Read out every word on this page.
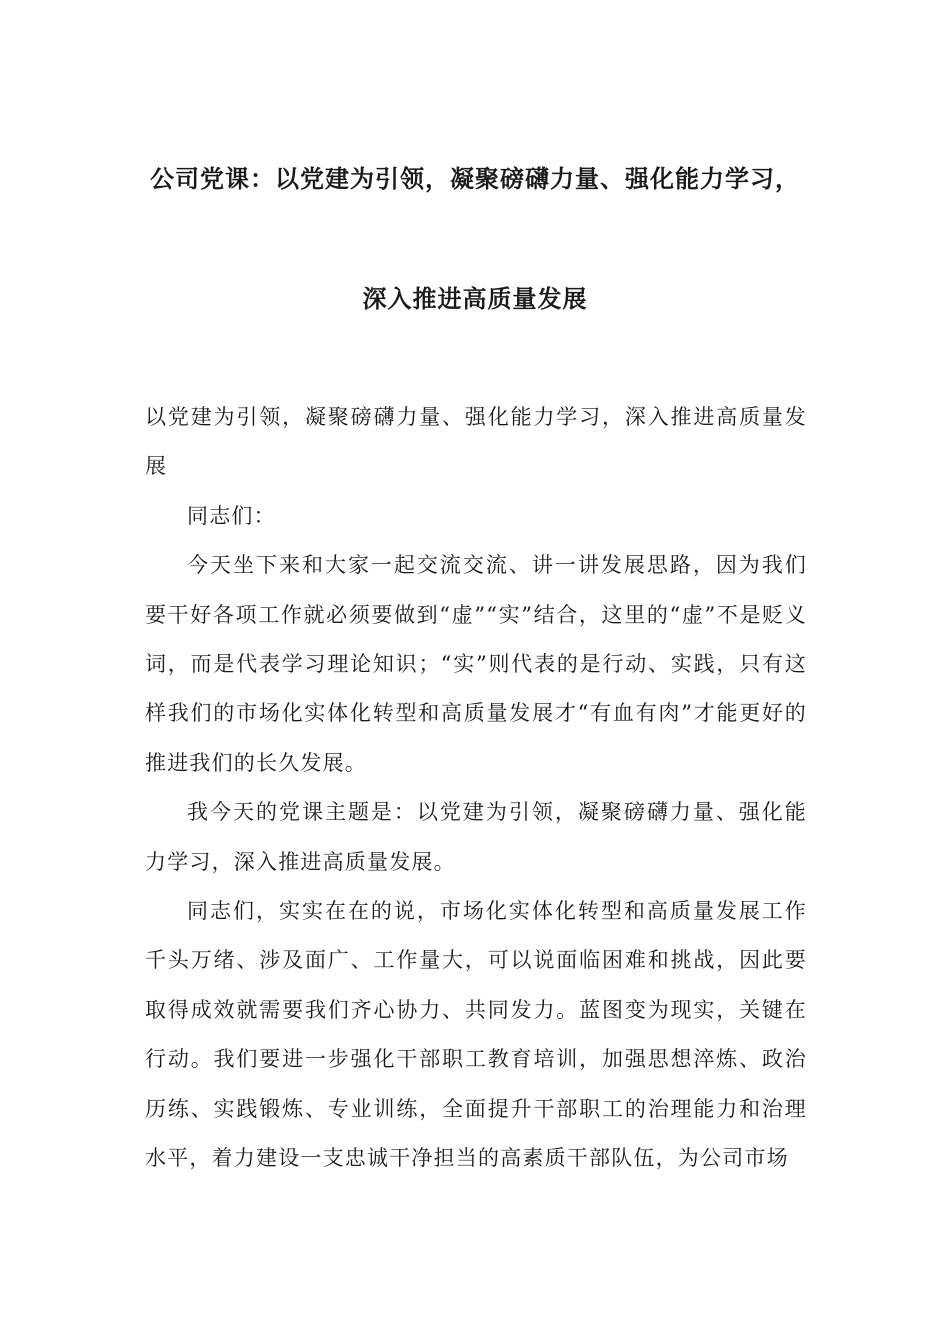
公司党课：以党建为引领，凝聚磅礴力量、强化能力学习，
深入推进高质量发展

以党建为引领，凝聚磅礴力量、强化能力学习，深入推进高质量发展

同志们：

今天坐下来和大家一起交流交流、讲一讲发展思路，因为我们要干好各项工作就必须要做到“虚”“实”结合，这里的“虚”不是贬义词，而是代表学习理论知识；“实”则代表的是行动、实践，只有这样我们的市场化实体化转型和高质量发展才“有血有肉”才能更好的推进我们的长久发展。

我今天的党课主题是：以党建为引领，凝聚磅礴力量、强化能力学习，深入推进高质量发展。

同志们，实实在在的说，市场化实体化转型和高质量发展工作千头万绪、涉及面广、工作量大，可以说面临困难和挑战，因此要取得成效就需要我们齐心协力、共同发力。蓝图变为现实，关键在行动。我们要进一步强化干部职工教育培训，加强思想淬炼、政治历练、实践锻炼、专业训练，全面提升干部职工的治理能力和治理水平，着力建设一支忠诚干净担当的高素质干部队伍，为公司市场
